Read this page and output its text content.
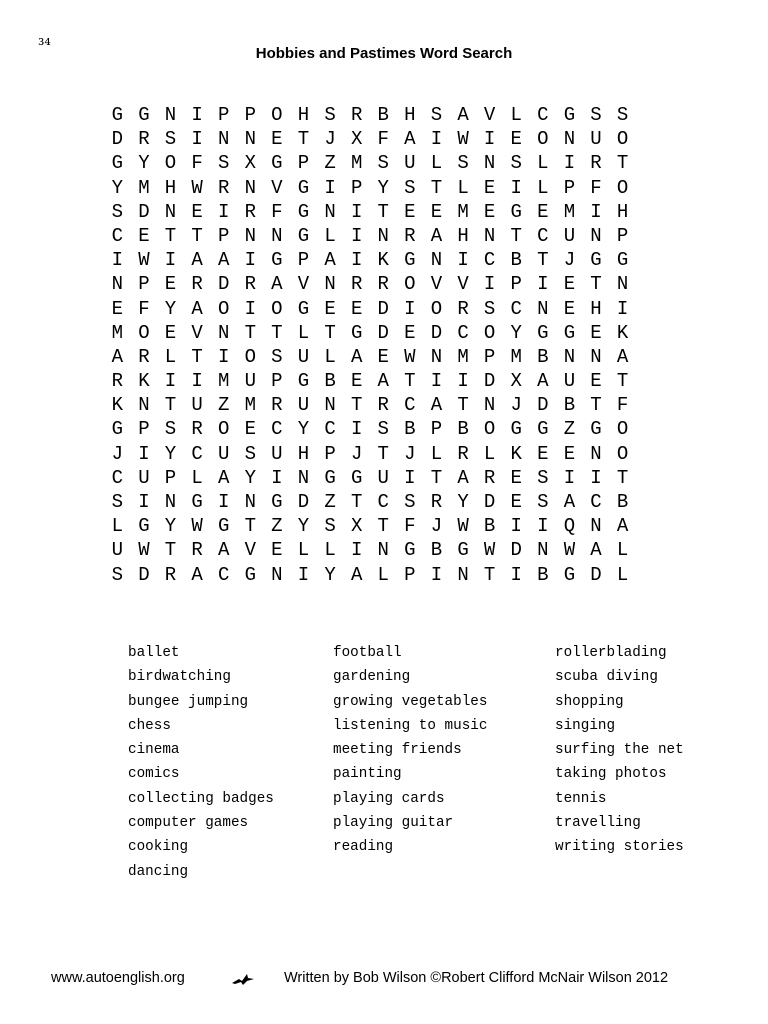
₃₄
Hobbies and Pastimes Word Search
G G N I P P O H S R B H S A V L C G S S
D R S I N N E T J X F A I W I E O N U O
G Y O F S X G P Z M S U L S N S L I R T
Y M H W R N V G I P Y S T L E I L P F O
S D N E I R F G N I T E E M E G E M I H
C E T T P N N G L I N R A H N T C U N P
I W I A A I G P A I K G N I C B T J G G
N P E R D R A V N R R O V V I P I E T N
E F Y A O I O G E E D I O R S C N E H I
M O E V N T T L T G D E D C O Y G G E K
A R L T I O S U L A E W N M P M B N N A
R K I I M U P G B E A T I I D X A U E T
K N T U Z M R U N T R C A T N J D B T F
G P S R O E C Y C I S B P B O G G Z G O
J I Y C U S U H P J T J L R L K E E N O
C U P L A Y I N G G U I T A R E S I I T
S I N G I N G D Z T C S R Y D E S A C B
L G Y W G T Z Y S X T F J W B I I Q N A
U W T R A V E L L I N G B G W D N W A L
S D R A C G N I Y A L P I N T I B G D L
ballet
birdwatching
bungee jumping
chess
cinema
comics
collecting badges
computer games
cooking
dancing
football
gardening
growing vegetables
listening to music
meeting friends
painting
playing cards
playing guitar
reading
rollerblading
scuba diving
shopping
singing
surfing the net
taking photos
tennis
travelling
writing stories
www.autoenglish.org	Written by Bob Wilson ©Robert Clifford McNair Wilson 2012
